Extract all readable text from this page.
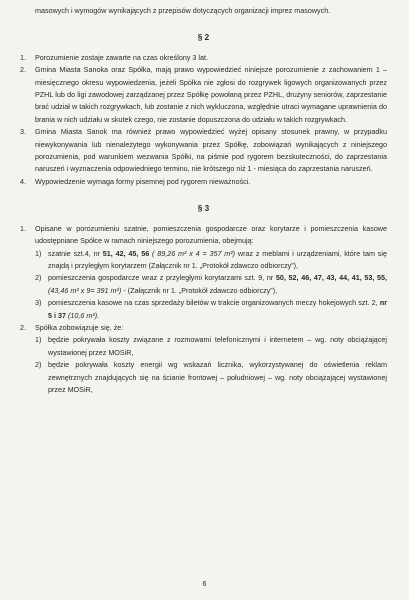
masowych i wymogów wynikających z przepisów dotyczących organizacji imprez masowych.

§ 2
1.	Porozumienie zostaje zawarte na czas określony 3 lat.
2.	Gmina Miasta Sanoka oraz Spółka, mają prawo wypowiedzieć niniejsze porozumienie z zachowaniem 1 – miesięcznego okresu wypowiedzenia, jeżeli Spółka nie zgłosi do rozgrywek ligowych organizowanych przez PZHL lub do ligi zawodowej zarządzanej przez Spółkę powołaną przez PZHL, drużyny seniorów, zaprzestanie brać udział w takich rozgrywkach, lub zostanie z nich wykluczona, względnie utraci wymagane uprawnienia do brania w nich udziału w skutek czego, nie zostanie dopuszczona do udziału w takich rozgrywkach.
3.	Gmina Miasta Sanok ma również prawo wypowiedzieć wyżej opisany stosunek prawny, w przypadku niewykonywania lub nienależytego wykonywania przez Spółkę, zobowiązań wynikających z niniejszego porozumienia, pod warunkiem wezwania Spółki, na piśmie pod rygorem bezskuteczności, do zaprzestania naruszeń i wyznaczenia odpowiedniego terminu, nie krótszego niż 1 - miesiąca do zaprzestania naruszeń.
4.	Wypowiedzenie wymaga formy pisemnej pod rygorem nieważności.
§ 3
1.	Opisane w porozumieniu szatnie, pomieszczenia gospodarcze oraz korytarze i pomieszczenia kasowe udostępniane Spółce w ramach niniejszego porozumienia, obejmują:
1) szatnie szt.4, nr 51, 42, 45, 56 ( 89,26 m² x 4 = 357 m²) wraz z meblami i urządzeniami, które tam się znajdą i przyległym korytarzem (Załącznik nr 1. „Protokół zdawczo odbiorczy”),
2) pomieszczenia gospodarcze wraz z przyległymi korytarzami szt. 9, nr 50, 52, 46, 47, 43, 44, 41, 53, 55, (43,46 m² x 9= 391 m²) - (Załącznik nr 1. „Protokół zdawczo odbiorczy”),
3) pomieszczenia kasowe na czas sprzedaży biletów w trakcie organizowanych meczy hokejowych szt. 2, nr 5 i 37 (10,6 m²).
2.	Spółka zobowiązuje się, że:
1) będzie pokrywała koszty związane z rozmowami telefonicznymi i internetem – wg. noty obciążającej wystawionej przez MOSiR,
2) będzie pokrywała koszty energii wg wskazań licznika, wykorzystywanej do oświetlenia reklam zewnętrznych znajdujących się na ścianie frontowej – południowej – wg. noty obciążającej wystawionej przez MOSiR,
6
